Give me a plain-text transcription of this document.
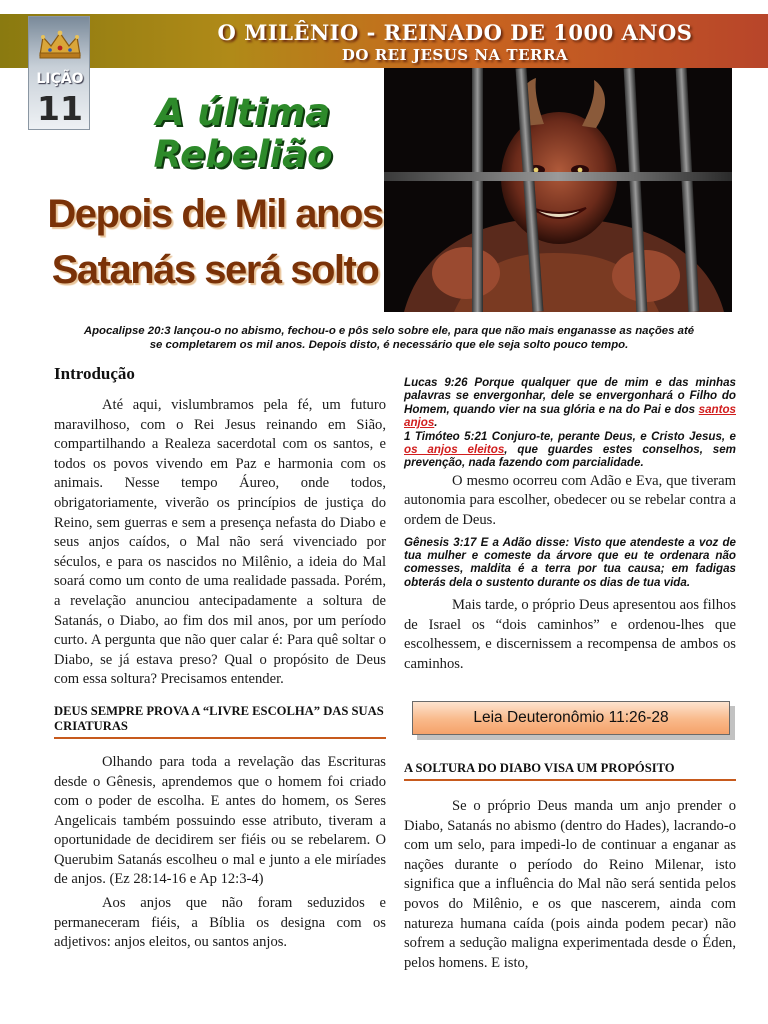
O MILÊNIO - REINADO DE 1000 ANOS
DO REI JESUS NA TERRA
LIÇÃO
11	A última
Rebelião
Depois de Mil anos
Satanás será solto
Apocalipse 20:3 lançou-o no abismo, fechou-o e pôs selo sobre ele, para que não mais enganasse as nações até
se completarem os mil anos. Depois disto, é necessário que ele seja solto pouco tempo.
Introdução

Até aqui, vislumbramos pela fé, um futuro maravilhoso, com o Rei Jesus reinando em Sião, compartilhando a Realeza sacerdotal com os santos, e todos os povos vivendo em Paz e harmonia com os animais. Nesse tempo Áureo, onde todos, obrigatoriamente, viverão os princípios de justiça do Reino, sem guerras e sem a presença nefasta do Diabo e seus anjos caídos, o Mal não será vivenciado por séculos, e para os nascidos no Milênio, a ideia do Mal soará como um conto de uma realidade passada. Porém, a revelação anunciou antecipadamente a soltura de Satanás, o Diabo, ao fim dos mil anos, por um período curto. A pergunta que não quer calar é: Para quê soltar o Diabo, se já estava preso? Qual o propósito de Deus com essa soltura? Precisamos entender.

DEUS SEMPRE PROVA A “LIVRE ESCOLHA” DAS SUAS CRIATURAS

Olhando para toda a revelação das Escrituras desde o Gênesis, aprendemos que o homem foi criado com o poder de escolha. E antes do homem, os Seres Angelicais também possuindo esse atributo, tiveram a oportunidade de decidirem ser fiéis ou se rebelarem. O Querubim Satanás escolheu o mal e junto a ele miríades de anjos. (Ez 28:14-16 e Ap 12:3-4)

Aos anjos que não foram seduzidos e permaneceram fiéis, a Bíblia os designa com os adjetivos: anjos eleitos, ou santos anjos.

Lucas 9:26 Porque qualquer que de mim e das minhas palavras se envergonhar, dele se envergonhará o Filho do Homem, quando vier na sua glória e na do Pai e dos santos anjos.

1 Timóteo 5:21 Conjuro-te, perante Deus, e Cristo Jesus, e os anjos eleitos, que guardes estes conselhos, sem prevenção, nada fazendo com parcialidade.

O mesmo ocorreu com Adão e Eva, que tiveram autonomia para escolher, obedecer ou se rebelar contra a ordem de Deus.

Gênesis 3:17 E a Adão disse: Visto que atendeste a voz de tua mulher e comeste da árvore que eu te ordenara não comesses, maldita é a terra por tua causa; em fadigas obterás dela o sustento durante os dias de tua vida.

Mais tarde, o próprio Deus apresentou aos filhos de Israel os “dois caminhos” e ordenou-lhes que escolhessem, e discernissem a recompensa de ambos os caminhos.

Leia Deuteronômio 11:26-28
A SOLTURA DO DIABO VISA UM PROPÓSITO

Se o próprio Deus manda um anjo prender o Diabo, Satanás no abismo (dentro do Hades), lacrando-o com um selo, para impedi-lo de continuar a enganar as nações durante o período do Reino Milenar, isto significa que a influência do Mal não será sentida pelos povos do Milênio, e os que nascerem, ainda com natureza humana caída (pois ainda podem pecar) não sofrem a sedução maligna experimentada desde o Éden, pelos homens. E isto,
